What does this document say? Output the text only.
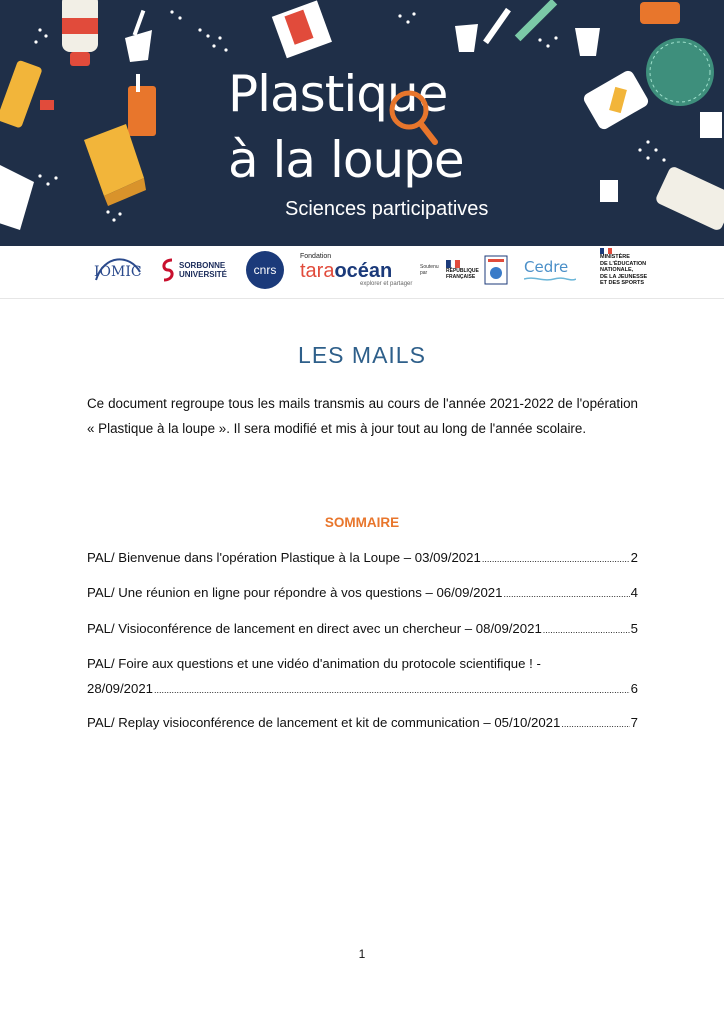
Plastique
à la loupe
Sciences participatives
IOMIC	SORBONNE
UNIVERSITÉ	cnrs
Fondation
taraocéan
explorer et partager
Soutenu par	RÉPUBLIQUE
FRANÇAISE
Cedre
MINISTÈRE
DE L'ÉDUCATION
NATIONALE,
DE LA JEUNESSE
ET DES SPORTS
LES MAILS
Ce document regroupe tous les mails transmis au cours de l'année 2021-2022 de l'opération « Plastique à la loupe ». Il sera modifié et mis à jour tout au long de l'année scolaire.
SOMMAIRE
PAL/ Bienvenue dans l'opération Plastique à la Loupe – 03/09/2021 .....	2
PAL/ Une réunion en ligne pour répondre à vos questions – 06/09/2021 .....	4
PAL/ Visioconférence de lancement en direct avec un chercheur – 08/09/2021 .....	5
PAL/ Foire aux questions et une vidéo d'animation du protocole scientifique ! -
28/09/2021 .....	6
PAL/ Replay visioconférence de lancement et kit de communication – 05/10/2021 .....	7
1
